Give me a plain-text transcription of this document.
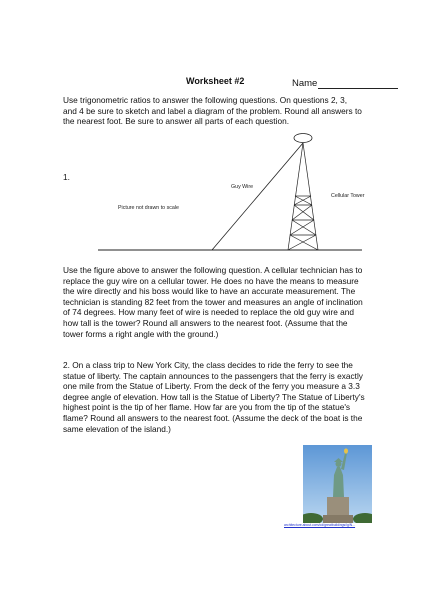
Worksheet #2	Name
Use trigonometric ratios to answer the following questions. On questions 2, 3, and 4 be sure to sketch and label a diagram of the problem. Round all answers to the nearest foot. Be sure to answer all parts of each question.
1.
Guy Wire
Cellular Tower
Picture not drawn to scale
Use the figure above to answer the following question. A cellular technician has to replace the guy wire on a cellular tower. He does no have the means to measure the wire directly and his boss would like to have an accurate measurement. The technician is standing 82 feet from the tower and measures an angle of inclination of 74 degrees. How many feet of wire is needed to replace the old guy wire and how tall is the tower? Round all answers to the nearest foot. (Assume that the tower forms a right angle with the ground.)
2. On a class trip to New York City, the class decides to ride the ferry to see the statue of liberty. The captain announces to the passengers that the ferry is exactly one mile from the Statue of Liberty. From the deck of the ferry you measure a 3.3 degree angle of elevation. How tall is the Statue of Liberty? The Statue of Liberty's highest point is the tip of her flame. How far are you from the tip of the statue's flame? Round all answers to the nearest foot. (Assume the deck of the boat is the same elevation of the island.)
architecture.about.com/od/greatbuildings/ig/N...
